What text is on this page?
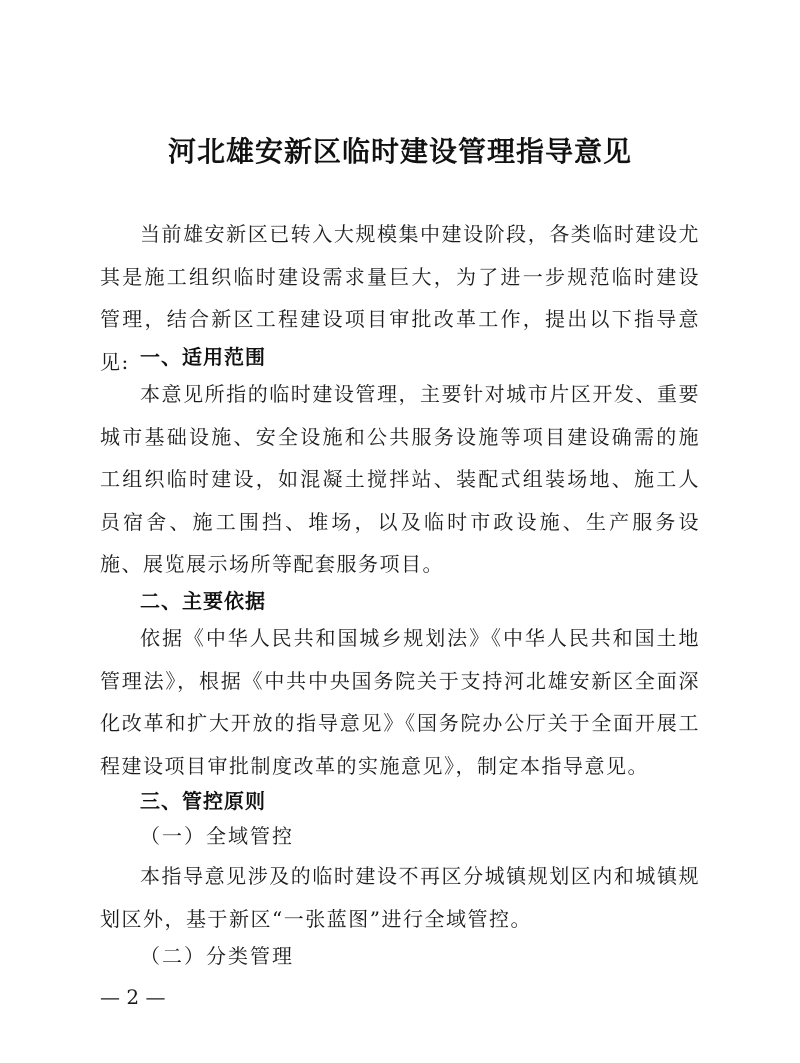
河北雄安新区临时建设管理指导意见
当前雄安新区已转入大规模集中建设阶段，各类临时建设尤其是施工组织临时建设需求量巨大，为了进一步规范临时建设管理，结合新区工程建设项目审批改革工作，提出以下指导意见: 一、适用范围
本意见所指的临时建设管理，主要针对城市片区开发、重要城市基础设施、安全设施和公共服务设施等项目建设确需的施工组织临时建设，如混凝土搅拌站、装配式组装场地、施工人员宿舍、施工围挡、堆场，以及临时市政设施、生产服务设施、展览展示场所等配套服务项目。
二、主要依据
依据《中华人民共和国城乡规划法》《中华人民共和国土地管理法》，根据《中共中央国务院关于支持河北雄安新区全面深化改革和扩大开放的指导意见》《国务院办公厅关于全面开展工程建设项目审批制度改革的实施意见》，制定本指导意见。
三、管控原则
（一）全域管控
本指导意见涉及的临时建设不再区分城镇规划区内和城镇规划区外，基于新区“一张蓝图”进行全域管控。
（二）分类管理
— 2 —
